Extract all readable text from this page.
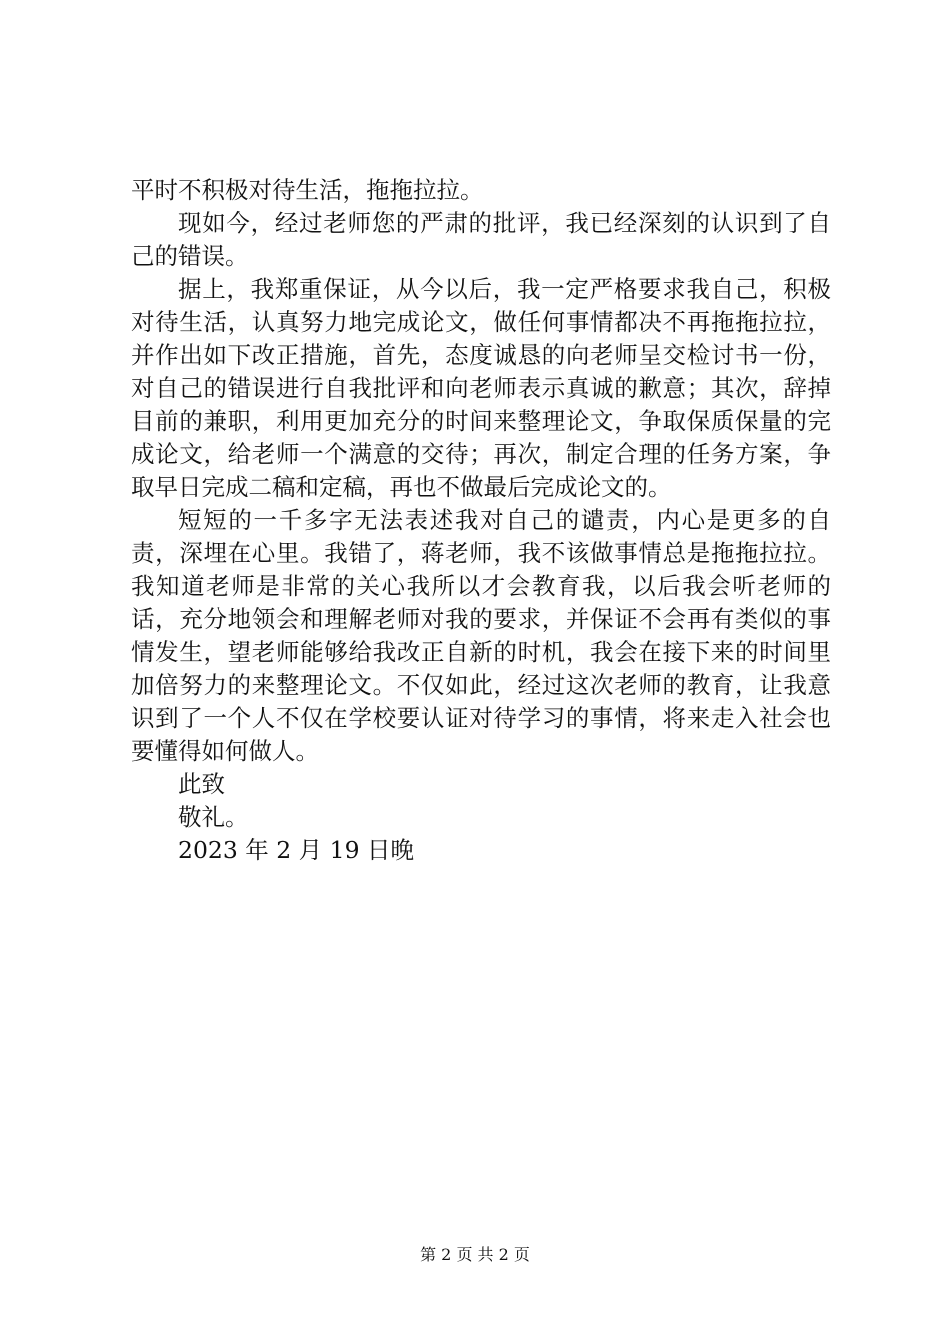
平时不积极对待生活，拖拖拉拉。

现如今，经过老师您的严肃的批评，我已经深刻的认识到了自己的错误。

据上，我郑重保证，从今以后，我一定严格要求我自己，积极对待生活，认真努力地完成论文，做任何事情都决不再拖拖拉拉，并作出如下改正措施，首先，态度诚恳的向老师呈交检讨书一份，对自己的错误进行自我批评和向老师表示真诚的歉意；其次，辞掉目前的兼职，利用更加充分的时间来整理论文，争取保质保量的完成论文，给老师一个满意的交待；再次，制定合理的任务方案，争取早日完成二稿和定稿，再也不做最后完成论文的。

短短的一千多字无法表述我对自己的谴责，内心是更多的自责，深埋在心里。我错了，蒋老师，我不该做事情总是拖拖拉拉。我知道老师是非常的关心我所以才会教育我，以后我会听老师的话，充分地领会和理解老师对我的要求，并保证不会再有类似的事情发生，望老师能够给我改正自新的时机，我会在接下来的时间里加倍努力的来整理论文。不仅如此，经过这次老师的教育，让我意识到了一个人不仅在学校要认证对待学习的事情，将来走入社会也要懂得如何做人。

此致

敬礼。

2023 年 2 月 19 日晚

第 2 页 共 2 页
